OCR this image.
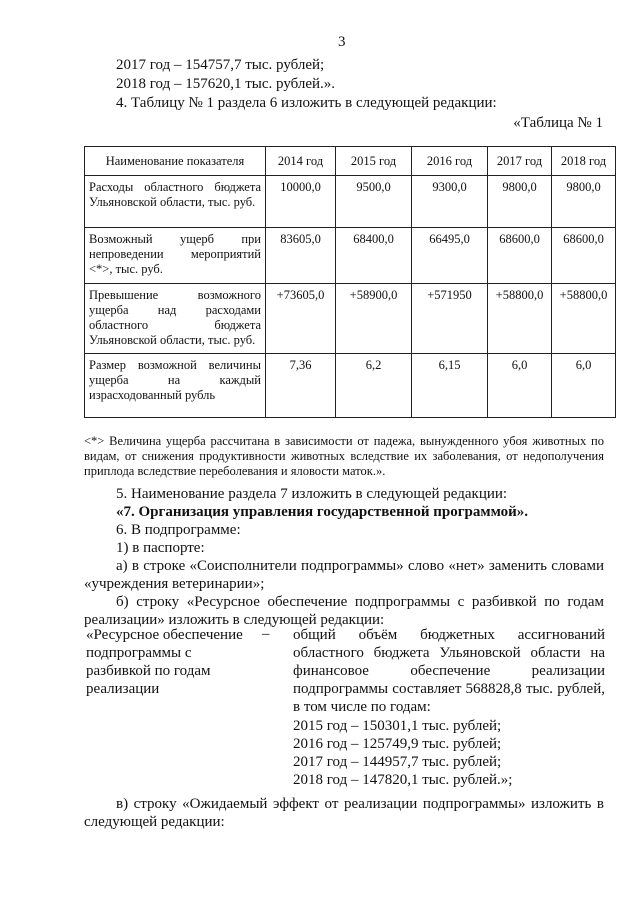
3
2017 год – 154757,7 тыс. рублей;
2018 год – 157620,1 тыс. рублей.».
4. Таблицу № 1 раздела 6 изложить в следующей редакции:
«Таблица № 1
Наименование показателя	2014 год	2015 год	2016 год	2017 год	2018 год
Расходы областного бюджета Ульяновской области, тыс. руб.	10000,0	9500,0	9300,0	9800,0	9800,0
Возможный ущерб при непроведении мероприятий <*>, тыс. руб.	83605,0	68400,0	66495,0	68600,0	68600,0
Превышение возможного ущерба над расходами областного бюджета Ульяновской области, тыс. руб.	+73605,0	+58900,0	+571950	+58800,0	+58800,0
Размер возможной величины ущерба на каждый израсходованный рубль	7,36	6,2	6,15	6,0	6,0
<*> Величина ущерба рассчитана в зависимости от падежа, вынужденного убоя животных по видам, от снижения продуктивности животных вследствие их заболевания, от недополучения приплода вследствие переболевания и яловости маток.».
5. Наименование раздела 7 изложить в следующей редакции:
«7. Организация управления государственной программой».
6. В подпрограмме:
1) в паспорте:
а) в строке «Соисполнители подпрограммы» слово «нет» заменить словами «учреждения ветеринарии»;
б) строку «Ресурсное обеспечение подпрограммы с разбивкой по годам реализации» изложить в следующей редакции:
«Ресурсное обеспечение подпрограммы с разбивкой по годам реализации
– общий объём бюджетных ассигнований областного бюджета Ульяновской области на финансовое обеспечение реализации подпрограммы составляет 568828,8 тыс. рублей, в том числе по годам:
2015 год – 150301,1 тыс. рублей;
2016 год – 125749,9 тыс. рублей;
2017 год – 144957,7 тыс. рублей;
2018 год – 147820,1 тыс. рублей.»;
в) строку «Ожидаемый эффект от реализации подпрограммы» изложить в следующей редакции:
